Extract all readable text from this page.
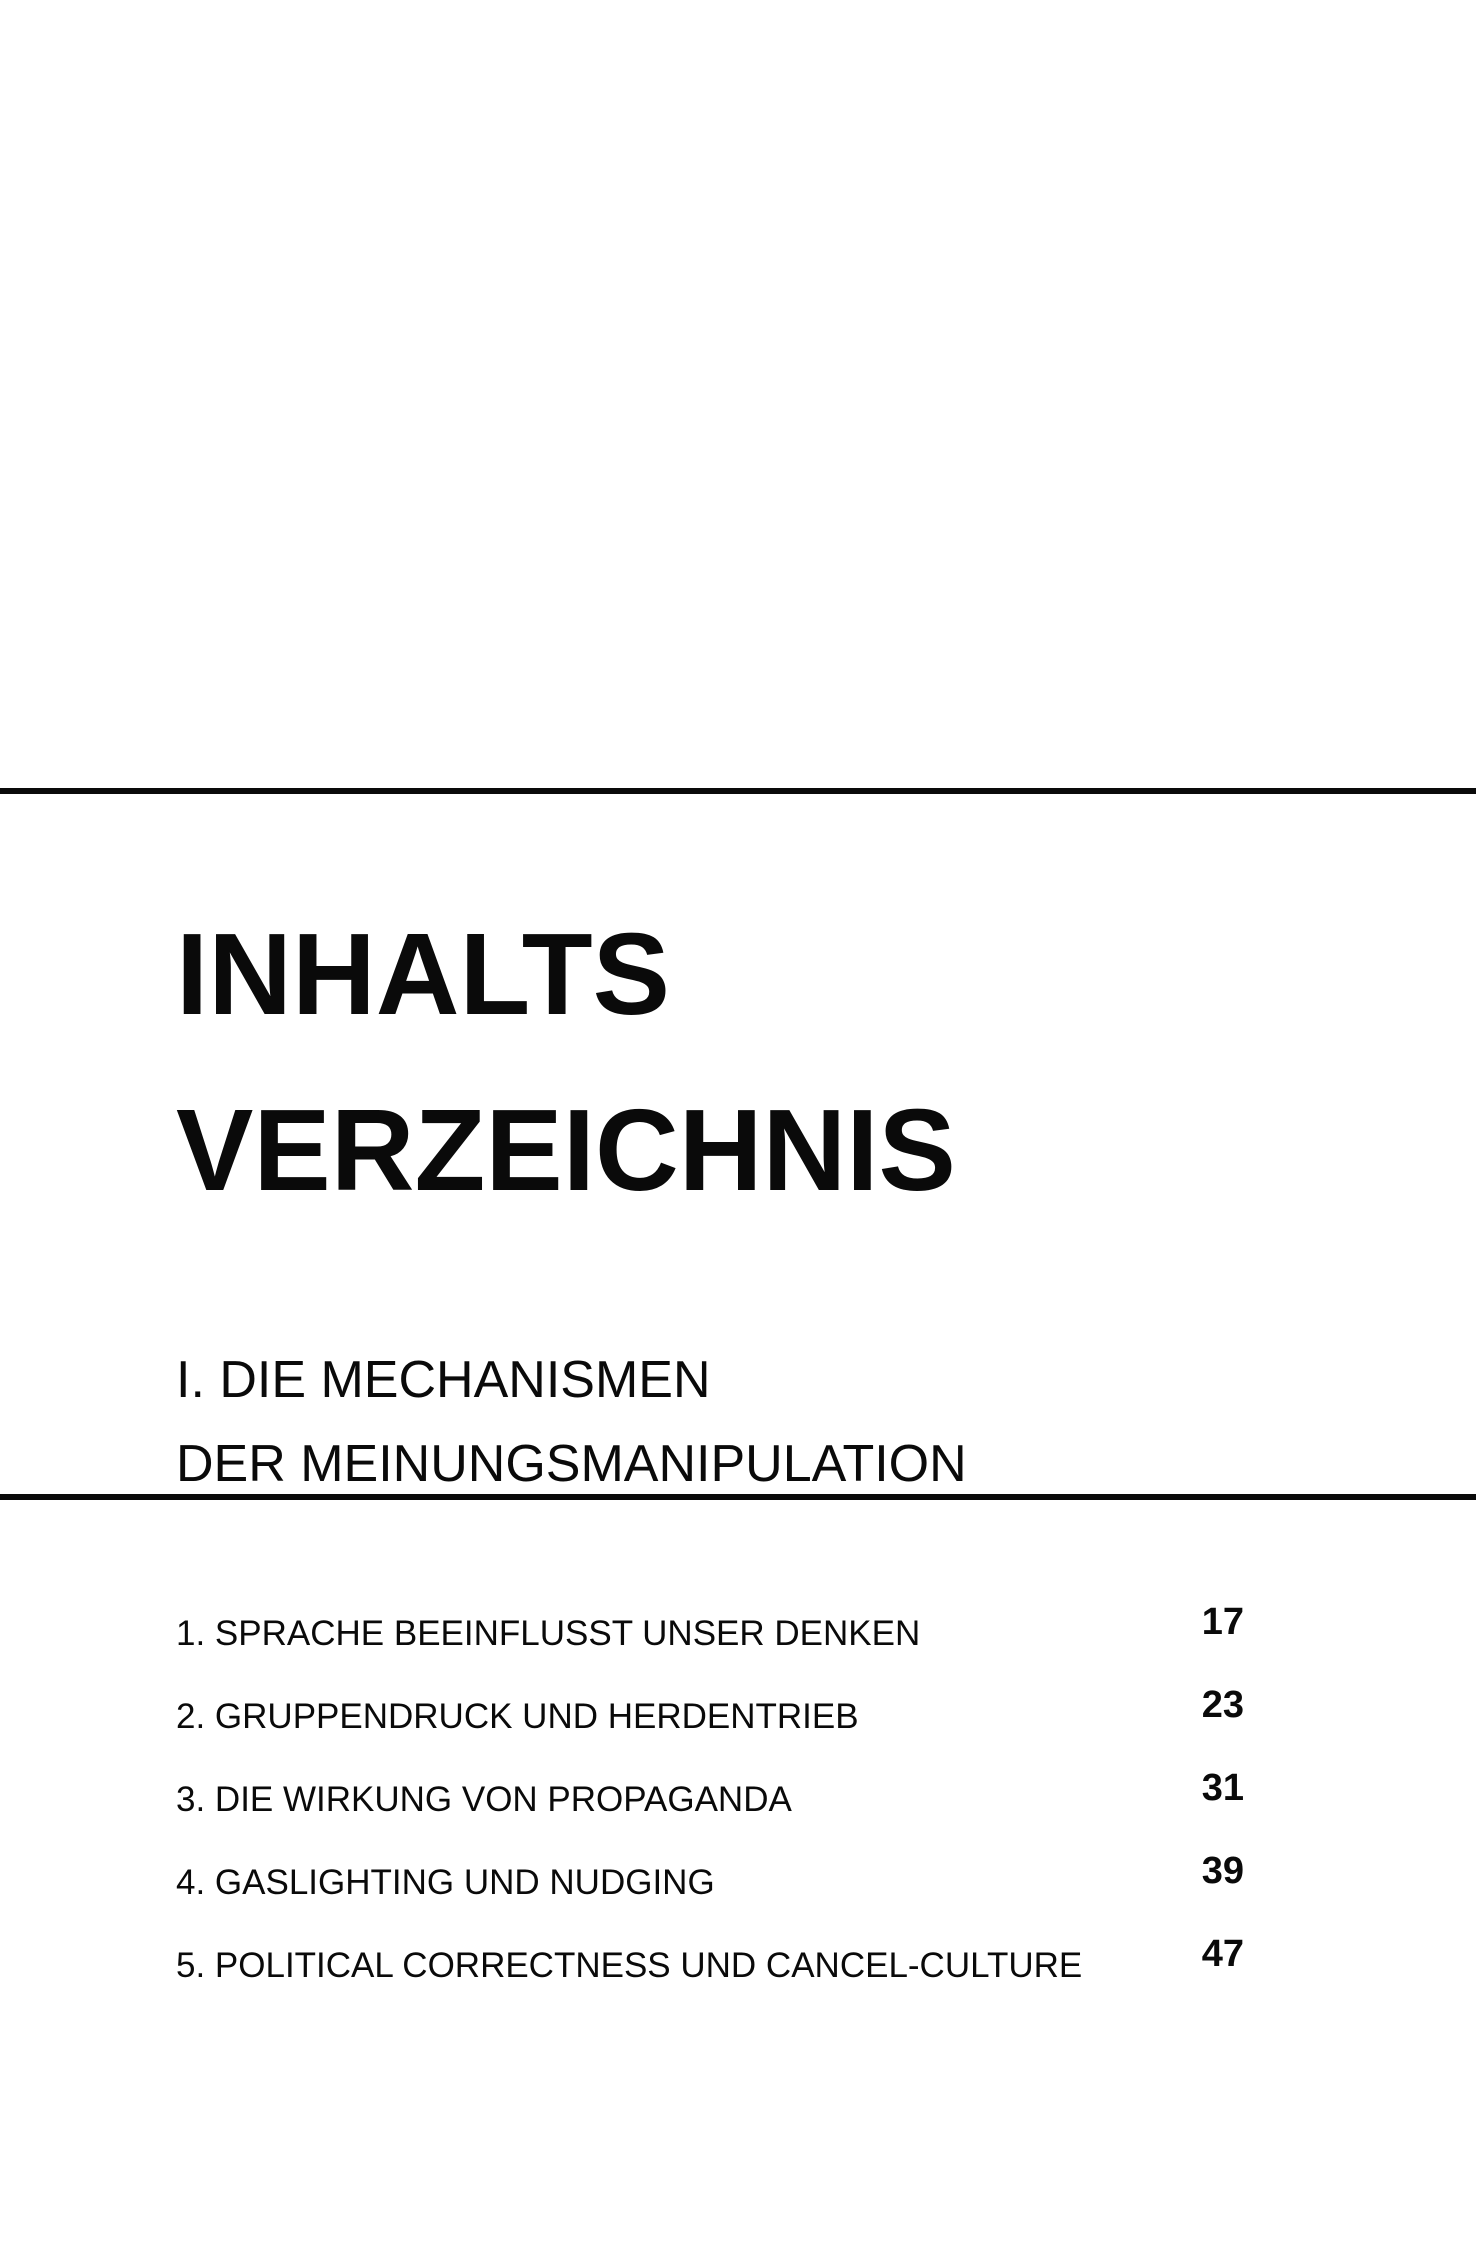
INHALTS
VERZEICHNIS
I. DIE MECHANISMEN
DER MEINUNGSMANIPULATION
1. SPRACHE BEEINFLUSST UNSER DENKEN	17
2. GRUPPENDRUCK UND HERDENTRIEB	23
3. DIE WIRKUNG VON PROPAGANDA	31
4. GASLIGHTING UND NUDGING	39
5. POLITICAL CORRECTNESS UND CANCEL-CULTURE	47
